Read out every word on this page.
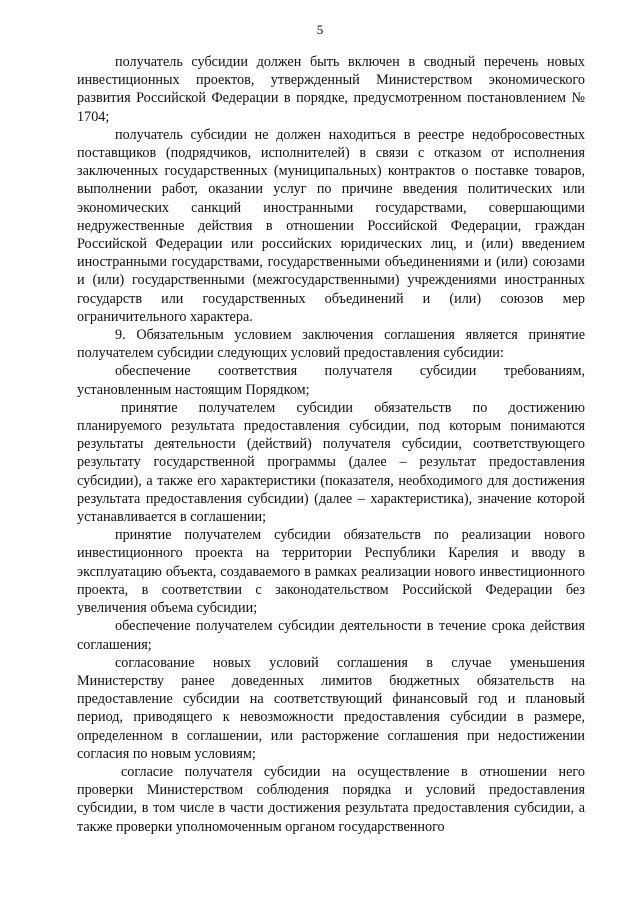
5

получатель субсидии должен быть включен в сводный перечень новых инвестиционных проектов, утвержденный Министерством экономического развития Российской Федерации в порядке, предусмотренном постановлением № 1704;

получатель субсидии не должен находиться в реестре недобросовестных поставщиков (подрядчиков, исполнителей) в связи с отказом от исполнения заключенных государственных (муниципальных) контрактов о поставке товаров, выполнении работ, оказании услуг по причине введения политических или экономических санкций иностранными государствами, совершающими недружественные действия в отношении Российской Федерации, граждан Российской Федерации или российских юридических лиц, и (или) введением иностранными государствами, государственными объединениями и (или) союзами и (или) государственными (межгосударственными) учреждениями иностранных государств или государственных объединений и (или) союзов мер ограничительного характера.

9. Обязательным условием заключения соглашения является принятие получателем субсидии следующих условий предоставления субсидии:

обеспечение соответствия получателя субсидии требованиям, установленным настоящим Порядком;

принятие получателем субсидии обязательств по достижению планируемого результата предоставления субсидии, под которым понимаются результаты деятельности (действий) получателя субсидии, соответствующего результату государственной программы (далее – результат предоставления субсидии), а также его характеристики (показателя, необходимого для достижения результата предоставления субсидии) (далее – характеристика), значение которой устанавливается в соглашении;

принятие получателем субсидии обязательств по реализации нового инвестиционного проекта на территории Республики Карелия и вводу в эксплуатацию объекта, создаваемого в рамках реализации нового инвестиционного проекта, в соответствии с законодательством Российской Федерации без увеличения объема субсидии;

обеспечение получателем субсидии деятельности в течение срока действия соглашения;

согласование новых условий соглашения в случае уменьшения Министерству ранее доведенных лимитов бюджетных обязательств на предоставление субсидии на соответствующий финансовый год и плановый период, приводящего к невозможности предоставления субсидии в размере, определенном в соглашении, или расторжение соглашения при недостижении согласия по новым условиям;

согласие получателя субсидии на осуществление в отношении него проверки Министерством соблюдения порядка и условий предоставления субсидии, в том числе в части достижения результата предоставления субсидии, а также проверки уполномоченным органом государственного
